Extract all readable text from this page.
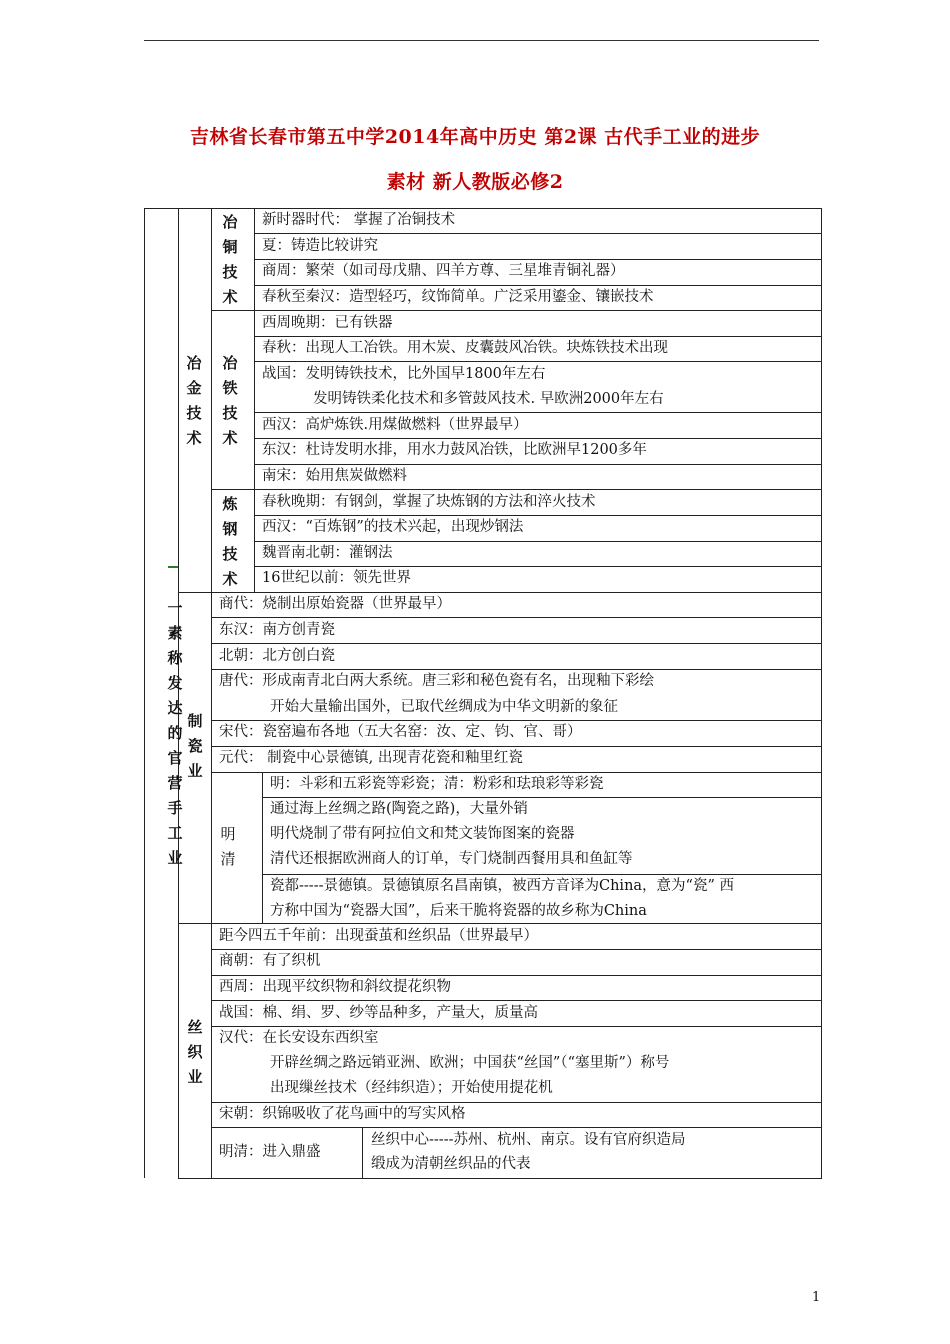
吉林省长春市第五中学2014年高中历史 第2课 古代手工业的进步
素材 新人教版必修2
一素称发达的官营手工业
冶金技术
冶铜技术
新时器时代： 掌握了冶铜技术
夏：铸造比较讲究
商周：繁荣（如司母戊鼎、四羊方尊、三星堆青铜礼器）
春秋至秦汉：造型轻巧，纹饰简单。广泛采用鎏金、镶嵌技术
冶铁技术
西周晚期：已有铁器
春秋：出现人工冶铁。用木炭、皮囊鼓风冶铁。块炼铁技术出现
战国：发明铸铁技术，比外国早1800年左右
发明铸铁柔化技术和多管鼓风技术. 早欧洲2000年左右
西汉：高炉炼铁.用煤做燃料（世界最早）
东汉：杜诗发明水排，用水力鼓风冶铁，比欧洲早1200多年
南宋：始用焦炭做燃料
炼钢技术
春秋晚期：有钢剑，掌握了块炼钢的方法和淬火技术
西汉：“百炼钢”的技术兴起，出现炒钢法
魏晋南北朝：灌钢法
16世纪以前：领先世界
制瓷业
商代：烧制出原始瓷器（世界最早）
东汉：南方创青瓷
北朝：北方创白瓷
唐代：形成南青北白两大系统。唐三彩和秘色瓷有名，出现釉下彩绘
开始大量输出国外，已取代丝绸成为中华文明新的象征
宋代：瓷窑遍布各地（五大名窑：汝、定、钧、官、哥）
元代： 制瓷中心景德镇, 出现青花瓷和釉里红瓷
明清
明：斗彩和五彩瓷等彩瓷；清：粉彩和珐琅彩等彩瓷
通过海上丝绸之路(陶瓷之路)，大量外销
明代烧制了带有阿拉伯文和梵文装饰图案的瓷器
清代还根据欧洲商人的订单，专门烧制西餐用具和鱼缸等
瓷都-----景德镇。景德镇原名昌南镇，被西方音译为China，意为“瓷” 西
方称中国为“瓷器大国”，后来干脆将瓷器的故乡称为China
丝织业
距今四五千年前：出现蚕茧和丝织品（世界最早）
商朝：有了织机
西周：出现平纹织物和斜纹提花织物
战国：棉、绢、罗、纱等品种多，产量大，质量高
汉代：在长安设东西织室
开辟丝绸之路远销亚洲、欧洲；中国获“丝国”（“塞里斯”）称号
出现缫丝技术（经纬织造）；开始使用提花机
宋朝：织锦吸收了花鸟画中的写实风格
明清：进入鼎盛
丝织中心-----苏州、杭州、南京。设有官府织造局
缎成为清朝丝织品的代表
1
